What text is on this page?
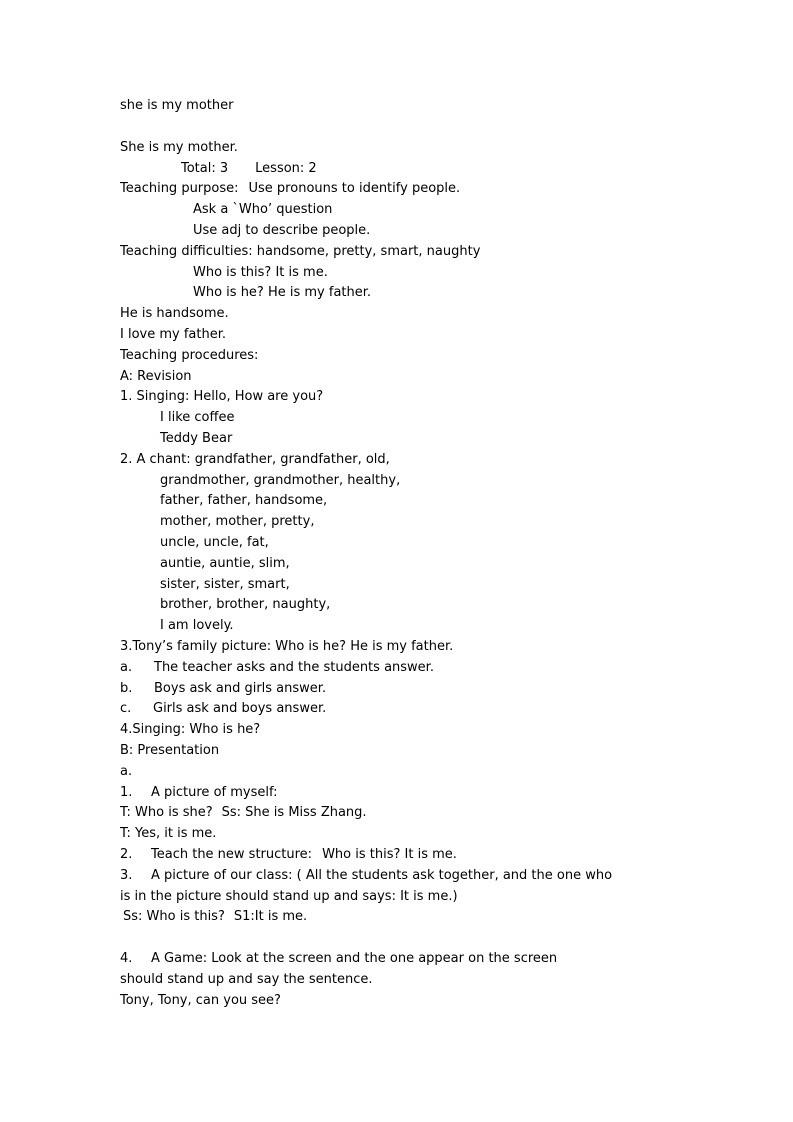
she is my mother
She is my mother.
Total: 3 Lesson: 2
Teaching purpose: Use pronouns to identify people.
Ask a `Who’ question
Use adj to describe people.
Teaching difficulties: handsome, pretty, smart, naughty
Who is this? It is me.
Who is he? He is my father.
He is handsome.
I love my father.
Teaching procedures:
A: Revision
1. Singing: Hello, How are you?
I like coffee
Teddy Bear
2. A chant: grandfather, grandfather, old,
grandmother, grandmother, healthy,
father, father, handsome,
mother, mother, pretty,
uncle, uncle, fat,
auntie, auntie, slim,
sister, sister, smart,
brother, brother, naughty,
I am lovely.
3.Tony’s family picture: Who is he? He is my father.
a. The teacher asks and the students answer.
b. Boys ask and girls answer.
c. Girls ask and boys answer.
4.Singing: Who is he?
B: Presentation
a.
1. A picture of myself:
T: Who is she? Ss: She is Miss Zhang.
T: Yes, it is me.
2. Teach the new structure: Who is this? It is me.
3. A picture of our class: ( All the students ask together, and the one who
is in the picture should stand up and says: It is me.)
Ss: Who is this? S1:It is me.
4. A Game: Look at the screen and the one appear on the screen
should stand up and say the sentence.
Tony, Tony, can you see?
